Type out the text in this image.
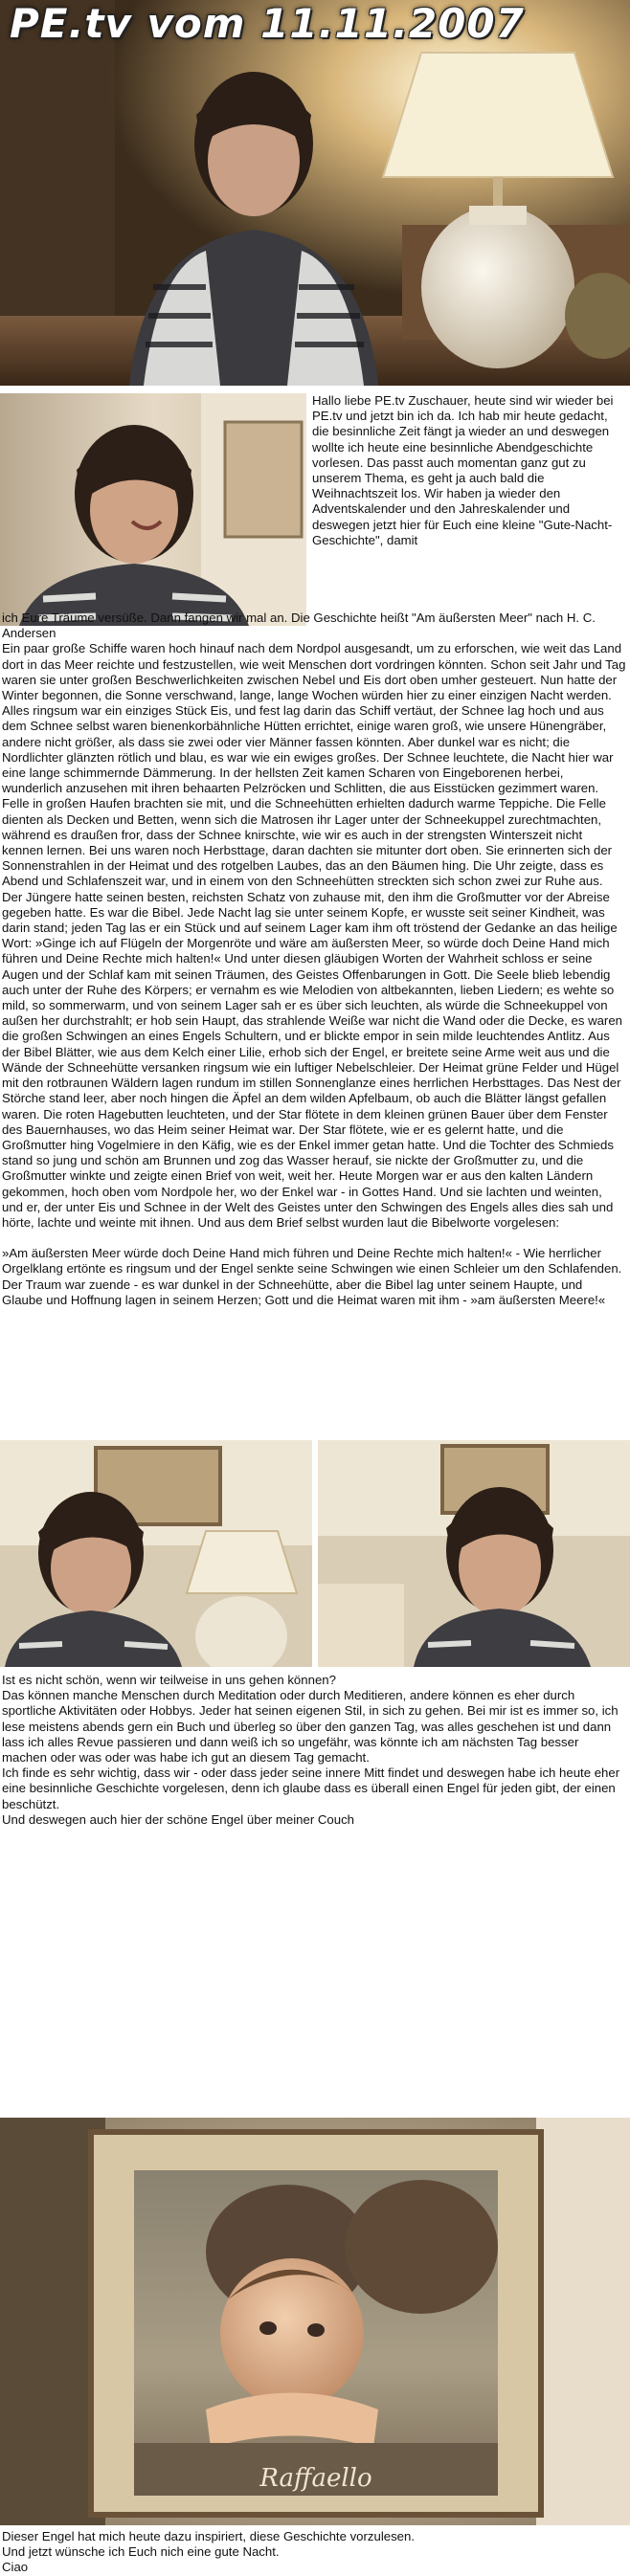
PE.tv vom 11.11.2007

Hallo liebe PE.tv Zuschauer, heute sind wir wieder bei PE.tv und jetzt bin ich da. Ich hab mir heute gedacht, die besinnliche Zeit fängt ja wieder an und deswegen wollte ich heute eine besinnliche Abendgeschichte vorlesen. Das passt auch momentan ganz gut zu unserem Thema, es geht ja auch bald die Weihnachtszeit los. Wir haben ja wieder den Adventskalender und den Jahreskalender und deswegen jetzt hier für Euch eine kleine "Gute-Nacht-Geschichte", damit

ich Eure Träume versüße. Dann fangen wir mal an. Die Geschichte heißt "Am äußersten Meer" nach H. C. Andersen

Ein paar große Schiffe waren hoch hinauf nach dem Nordpol ausgesandt, um zu erforschen, wie weit das Land dort in das Meer reichte und festzustellen, wie weit Menschen dort vordringen könnten. Schon seit Jahr und Tag waren sie unter großen Beschwerlichkeiten zwischen Nebel und Eis dort oben umher gesteuert. Nun hatte der Winter begonnen, die Sonne verschwand, lange, lange Wochen würden hier zu einer einzigen Nacht werden. Alles ringsum war ein einziges Stück Eis, und fest lag darin das Schiff vertäut, der Schnee lag hoch und aus dem Schnee selbst waren bienenkorbähnliche Hütten errichtet, einige waren groß, wie unsere Hünengräber, andere nicht größer, als dass sie zwei oder vier Männer fassen könnten. Aber dunkel war es nicht; die Nordlichter glänzten rötlich und blau, es war wie ein ewiges großes. Der Schnee leuchtete, die Nacht hier war eine lange schimmernde Dämmerung. In der hellsten Zeit kamen Scharen von Eingeborenen herbei, wunderlich anzusehen mit ihren behaarten Pelzröcken und Schlitten, die aus Eisstücken gezimmert waren. Felle in großen Haufen brachten sie mit, und die Schneehütten erhielten dadurch warme Teppiche. Die Felle dienten als Decken und Betten, wenn sich die Matrosen ihr Lager unter der Schneekuppel zurechtmachten, während es draußen fror, dass der Schnee knirschte, wie wir es auch in der strengsten Winterszeit nicht kennen lernen. Bei uns waren noch Herbsttage, daran dachten sie mitunter dort oben. Sie erinnerten sich der Sonnenstrahlen in der Heimat und des rotgelben Laubes, das an den Bäumen hing. Die Uhr zeigte, dass es Abend und Schlafenszeit war, und in einem von den Schneehütten streckten sich schon zwei zur Ruhe aus. Der Jüngere hatte seinen besten, reichsten Schatz von zuhause mit, den ihm die Großmutter vor der Abreise gegeben hatte. Es war die Bibel. Jede Nacht lag sie unter seinem Kopfe, er wusste seit seiner Kindheit, was darin stand; jeden Tag las er ein Stück und auf seinem Lager kam ihm oft tröstend der Gedanke an das heilige Wort: »Ginge ich auf Flügeln der Morgenröte und wäre am äußersten Meer, so würde doch Deine Hand mich führen und Deine Rechte mich halten!« Und unter diesen gläubigen Worten der Wahrheit schloss er seine Augen und der Schlaf kam mit seinen Träumen, des Geistes Offenbarungen in Gott. Die Seele blieb lebendig auch unter der Ruhe des Körpers; er vernahm es wie Melodien von altbekannten, lieben Liedern; es wehte so mild, so sommerwarm, und von seinem Lager sah er es über sich leuchten, als würde die Schneekuppel von außen her durchstrahlt; er hob sein Haupt, das strahlende Weiße war nicht die Wand oder die Decke, es waren die großen Schwingen an eines Engels Schultern, und er blickte empor in sein milde leuchtendes Antlitz. Aus der Bibel Blätter, wie aus dem Kelch einer Lilie, erhob sich der Engel, er breitete seine Arme weit aus und die Wände der Schneehütte versanken ringsum wie ein luftiger Nebelschleier. Der Heimat grüne Felder und Hügel mit den rotbraunen Wäldern lagen rundum im stillen Sonnenglanze eines herrlichen Herbsttages. Das Nest der Störche stand leer, aber noch hingen die Äpfel an dem wilden Apfelbaum, ob auch die Blätter längst gefallen waren. Die roten Hagebutten leuchteten, und der Star flötete in dem kleinen grünen Bauer über dem Fenster des Bauernhauses, wo das Heim seiner Heimat war. Der Star flötete, wie er es gelernt hatte, und die Großmutter hing Vogelmiere in den Käfig, wie es der Enkel immer getan hatte. Und die Tochter des Schmieds stand so jung und schön am Brunnen und zog das Wasser herauf, sie nickte der Großmutter zu, und die Großmutter winkte und zeigte einen Brief von weit, weit her. Heute Morgen war er aus den kalten Ländern gekommen, hoch oben vom Nordpole her, wo der Enkel war - in Gottes Hand. Und sie lachten und weinten, und er, der unter Eis und Schnee in der Welt des Geistes unter den Schwingen des Engels alles dies sah und hörte, lachte und weinte mit ihnen. Und aus dem Brief selbst wurden laut die Bibelworte vorgelesen:

»Am äußersten Meer würde doch Deine Hand mich führen und Deine Rechte mich halten!« - Wie herrlicher Orgelklang ertönte es ringsum und der Engel senkte seine Schwingen wie einen Schleier um den Schlafenden. Der Traum war zuende - es war dunkel in der Schneehütte, aber die Bibel lag unter seinem Haupte, und Glaube und Hoffnung lagen in seinem Herzen; Gott und die Heimat waren mit ihm - »am äußersten Meere!«

Ist es nicht schön, wenn wir teilweise in uns gehen können?

Das können manche Menschen durch Meditation oder durch Meditieren, andere können es eher durch sportliche Aktivitäten oder Hobbys. Jeder hat seinen eigenen Stil, in sich zu gehen. Bei mir ist es immer so, ich lese meistens abends gern ein Buch und überleg so über den ganzen Tag, was alles geschehen ist und dann lass ich alles Revue passieren und dann weiß ich so ungefähr, was könnte ich am nächsten Tag besser machen oder was oder was habe ich gut an diesem Tag gemacht.

Ich finde es sehr wichtig, dass wir - oder dass jeder seine innere Mitt findet und deswegen habe ich heute eher eine besinnliche Geschichte vorgelesen, denn ich glaube dass es überall einen Engel für jeden gibt, der einen beschützt.

Und deswegen auch hier der schöne Engel über meiner Couch

Raffaello

Dieser Engel hat mich heute dazu inspiriert, diese Geschichte vorzulesen.

Und jetzt wünsche ich Euch nich eine gute Nacht.

Ciao
